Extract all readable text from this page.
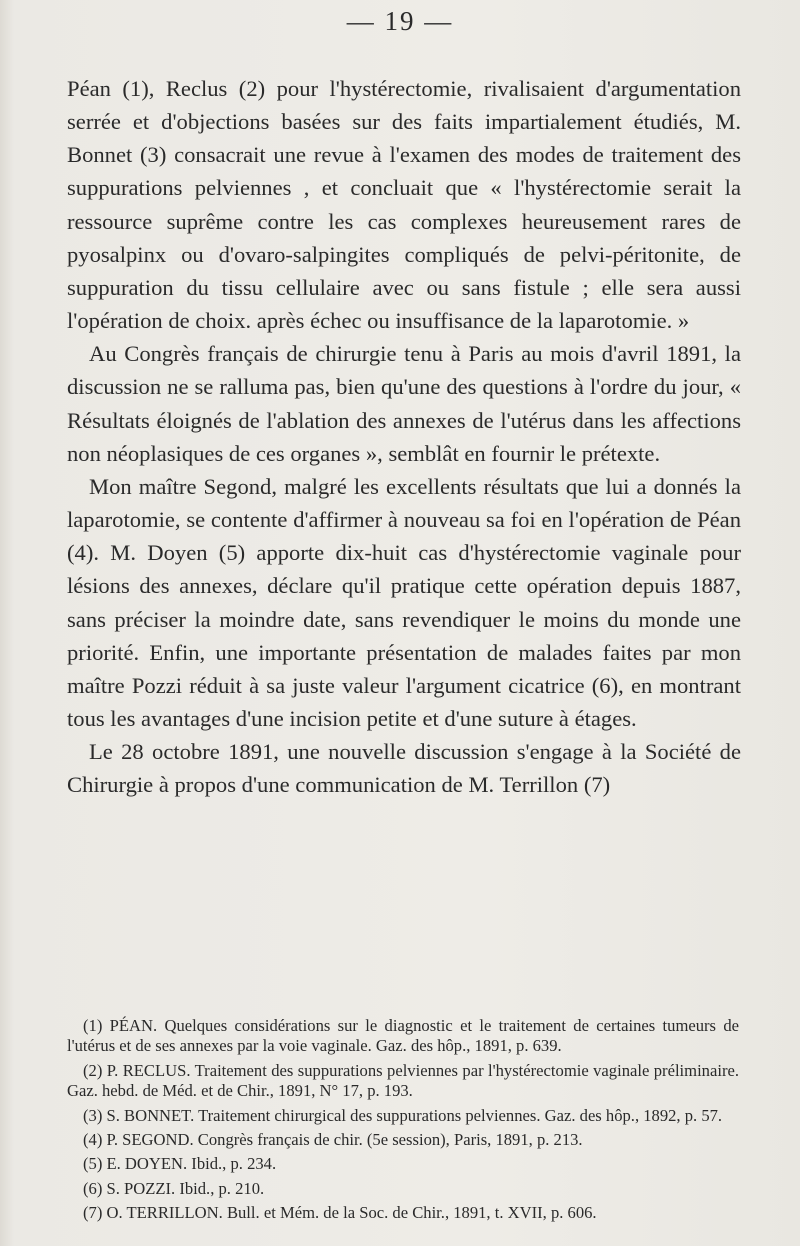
— 19 —

Péan (1), Reclus (2) pour l'hystérectomie, rivalisaient d'argumentation serrée et d'objections basées sur des faits impartialement étudiés, M. Bonnet (3) consacrait une revue à l'examen des modes de traitement des suppurations pelviennes , et concluait que « l'hystérectomie serait la ressource suprême contre les cas complexes heureusement rares de pyosalpinx ou d'ovaro-salpingites compliqués de pelvi-péritonite, de suppuration du tissu cellulaire avec ou sans fistule ; elle sera aussi l'opération de choix. après échec ou insuffisance de la laparotomie. »

Au Congrès français de chirurgie tenu à Paris au mois d'avril 1891, la discussion ne se ralluma pas, bien qu'une des questions à l'ordre du jour, « Résultats éloignés de l'ablation des annexes de l'utérus dans les affections non néoplasiques de ces organes », semblât en fournir le prétexte.

Mon maître Segond, malgré les excellents résultats que lui a donnés la laparotomie, se contente d'affirmer à nouveau sa foi en l'opération de Péan (4). M. Doyen (5) apporte dix-huit cas d'hystérectomie vaginale pour lésions des annexes, déclare qu'il pratique cette opération depuis 1887, sans préciser la moindre date, sans revendiquer le moins du monde une priorité. Enfin, une importante présentation de malades faites par mon maître Pozzi réduit à sa juste valeur l'argument cicatrice (6), en montrant tous les avantages d'une incision petite et d'une suture à étages.

Le 28 octobre 1891, une nouvelle discussion s'engage à la Société de Chirurgie à propos d'une communication de M. Terrillon (7)

(1) PÉAN. Quelques considérations sur le diagnostic et le traitement de certaines tumeurs de l'utérus et de ses annexes par la voie vaginale. Gaz. des hôp., 1891, p. 639.

(2) P. RECLUS. Traitement des suppurations pelviennes par l'hystérectomie vaginale préliminaire. Gaz. hebd. de Méd. et de Chir., 1891, N° 17, p. 193.

(3) S. BONNET. Traitement chirurgical des suppurations pelviennes. Gaz. des hôp., 1892, p. 57.

(4) P. SEGOND. Congrès français de chir. (5e session), Paris, 1891, p. 213.

(5) E. DOYEN. Ibid., p. 234.

(6) S. POZZI. Ibid., p. 210.

(7) O. TERRILLON. Bull. et Mém. de la Soc. de Chir., 1891, t. XVII, p. 606.
